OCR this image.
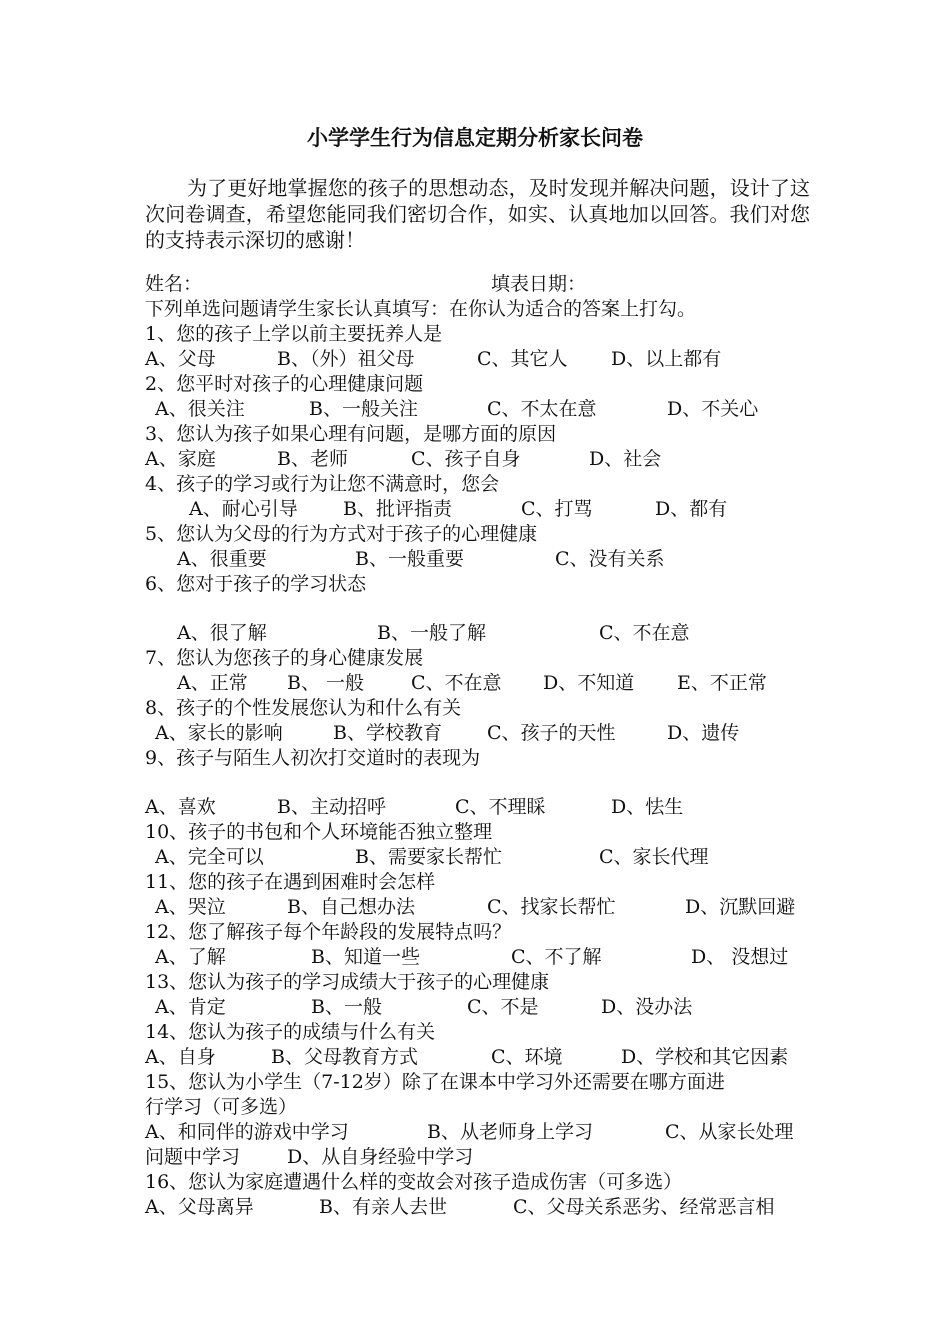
小学学生行为信息定期分析家长问卷
为了更好地掌握您的孩子的思想动态，及时发现并解决问题，设计了这次问卷调查，希望您能同我们密切合作，如实、认真地加以回答。我们对您的支持表示深切的感谢！
姓名：	填表日期：
下列单选问题请学生家长认真填写：在你认为适合的答案上打勾。
1、您的孩子上学以前主要抚养人是
A、父母	B、（外）祖父母	C、其它人 D、以上都有
2、您平时对孩子的心理健康问题
A、很关注	B、一般关注	C、不太在意	D、不关心
3、您认为孩子如果心理有问题，是哪方面的原因
A、家庭	B、老师	C、孩子自身	D、社会
4、孩子的学习或行为让您不满意时，您会
A、耐心引导 B、批评指责	C、打骂	D、都有
5、您认为父母的行为方式对于孩子的心理健康
A、很重要	B、一般重要	C、没有关系
6、您对于孩子的学习状态
A、很了解	B、一般了解	C、不在意
7、您认为您孩子的身心健康发展
A、正常 B、 一般 C、不在意 D、不知道 E、不正常
8、孩子的个性发展您认为和什么有关
A、家长的影响	B、学校教育 C、孩子的天性	D、遗传
9、孩子与陌生人初次打交道时的表现为
A、喜欢	B、主动招呼	C、不理睬	D、怯生
10、孩子的书包和个人环境能否独立整理
A、完全可以	B、需要家长帮忙	C、家长代理
11、您的孩子在遇到困难时会怎样
A、哭泣	B、自己想办法	C、找家长帮忙	D、沉默回避
12、您了解孩子每个年龄段的发展特点吗？
A、了解	B、知道一些	C、不了解	D、 没想过
13、您认为孩子的学习成绩大于孩子的心理健康
A、肯定	B、一般	C、不是	D、没办法
14、您认为孩子的成绩与什么有关
A、自身	B、父母教育方式	C、环境	D、学校和其它因素
15、您认为小学生（7-12岁）除了在课本中学习外还需要在哪方面进
行学习（可多选）
A、和同伴的游戏中学习	B、从老师身上学习	C、从家长处理
问题中学习 D、从自身经验中学习
16、您认为家庭遭遇什么样的变故会对孩子造成伤害（可多选）
A、父母离异	B、有亲人去世	C、父母关系恶劣、经常恶言相
